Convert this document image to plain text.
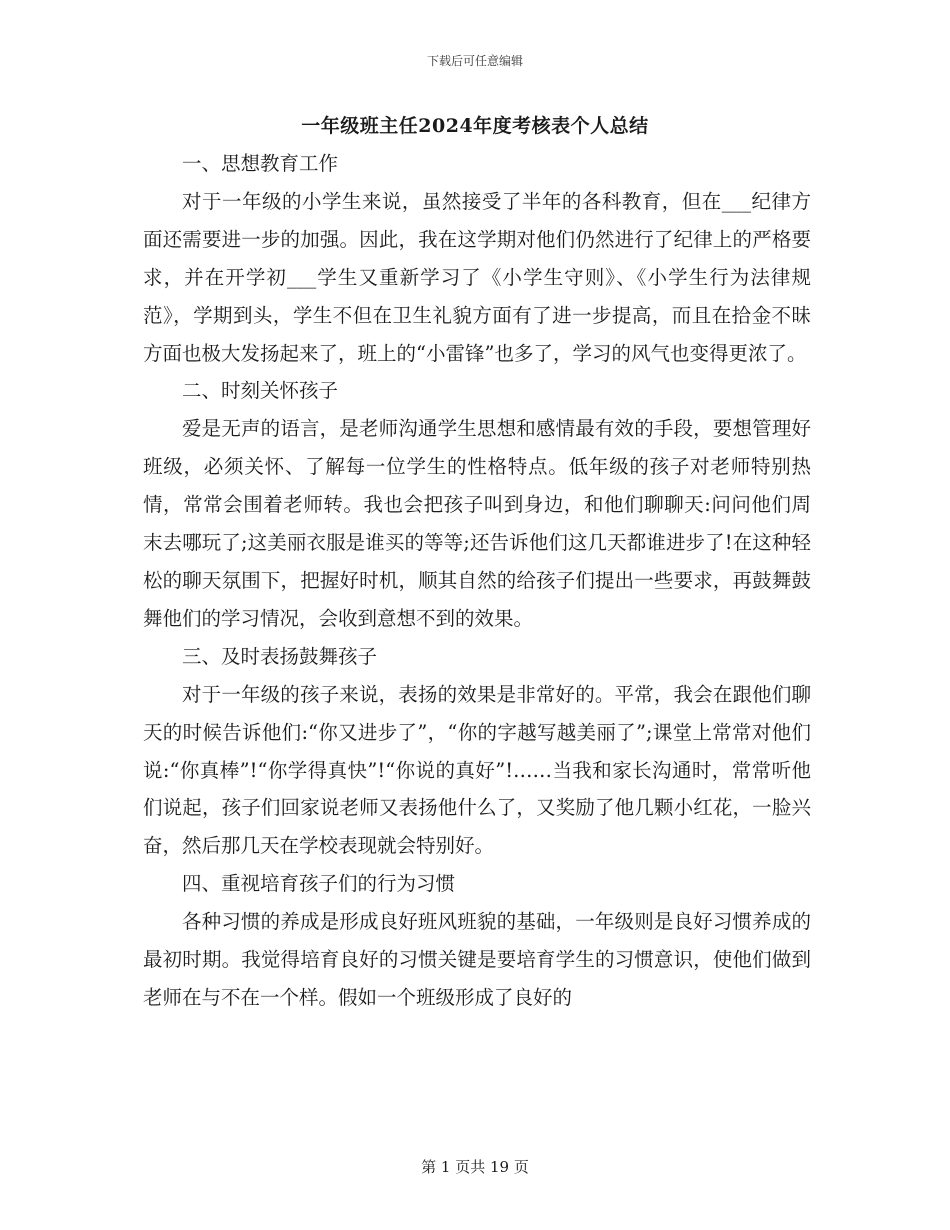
下载后可任意编辑
一年级班主任2024年度考核表个人总结

一、思想教育工作

对于一年级的小学生来说，虽然接受了半年的各科教育，但在___纪律方面还需要进一步的加强。因此，我在这学期对他们仍然进行了纪律上的严格要求，并在开学初___学生又重新学习了《小学生守则》、《小学生行为法律规范》，学期到头，学生不但在卫生礼貌方面有了进一步提高，而且在拾金不昧方面也极大发扬起来了，班上的“小雷锋”也多了，学习的风气也变得更浓了。

二、时刻关怀孩子

爱是无声的语言，是老师沟通学生思想和感情最有效的手段，要想管理好班级，必须关怀、了解每一位学生的性格特点。低年级的孩子对老师特别热情，常常会围着老师转。我也会把孩子叫到身边，和他们聊聊天:问问他们周末去哪玩了;这美丽衣服是谁买的等等;还告诉他们这几天都谁进步了!在这种轻松的聊天氛围下，把握好时机，顺其自然的给孩子们提出一些要求，再鼓舞鼓舞他们的学习情况，会收到意想不到的效果。

三、及时表扬鼓舞孩子

对于一年级的孩子来说，表扬的效果是非常好的。平常，我会在跟他们聊天的时候告诉他们:“你又进步了”，“你的字越写越美丽了”;课堂上常常对他们说:“你真棒”!“你学得真快”!“你说的真好”!……当我和家长沟通时，常常听他们说起，孩子们回家说老师又表扬他什么了，又奖励了他几颗小红花，一脸兴奋，然后那几天在学校表现就会特别好。

四、重视培育孩子们的行为习惯

各种习惯的养成是形成良好班风班貌的基础，一年级则是良好习惯养成的最初时期。我觉得培育良好的习惯关键是要培育学生的习惯意识，使他们做到老师在与不在一个样。假如一个班级形成了良好的

第 1 页共 19 页
